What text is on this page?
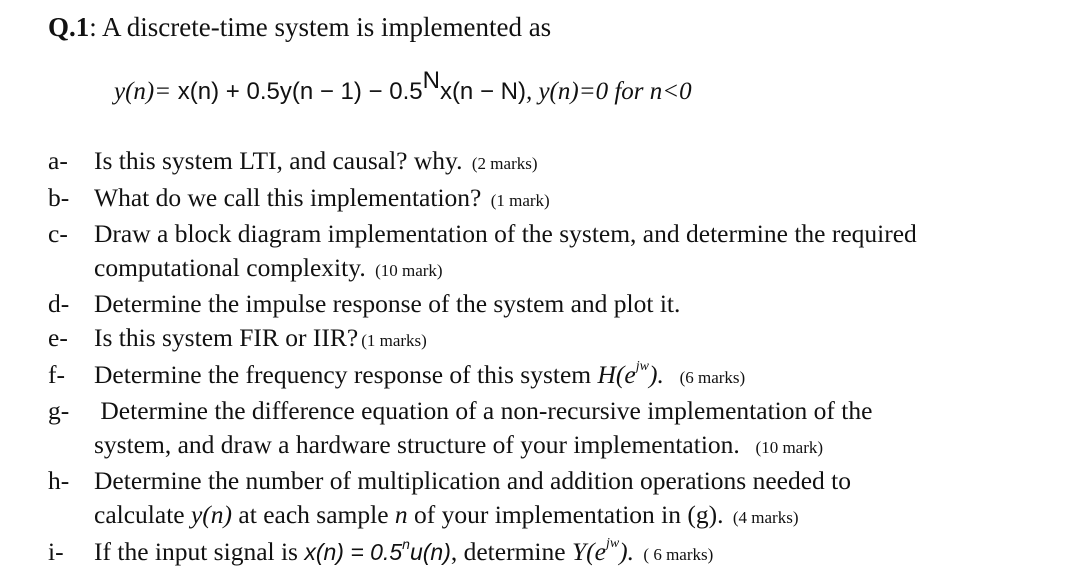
Q.1: A discrete-time system is implemented as
$y(n)= x(n) + 0.5y(n - 1) - 0.5^Nx(n - N)$, y(n)=0 for n<0
a- Is this system LTI, and causal? why. (2 marks)
b- What do we call this implementation? (1 mark)
c- Draw a block diagram implementation of the system, and determine the required
computational complexity. (10 mark)
d- Determine the impulse response of the system and plot it.
e- Is this system FIR or IIR? (1 marks)
f- Determine the frequency response of this system $H(e^{jw})$. (6 marks)
g- Determine the difference equation of a non-recursive implementation of the
system, and draw a hardware structure of your implementation. (10 mark)
h- Determine the number of multiplication and addition operations needed to
calculate y(n) at each sample n of your implementation in (g). (4 marks)
i- If the input signal is $x(n) = 0.5^nu(n)$, determine $Y(e^{jw})$. ( 6 marks)
